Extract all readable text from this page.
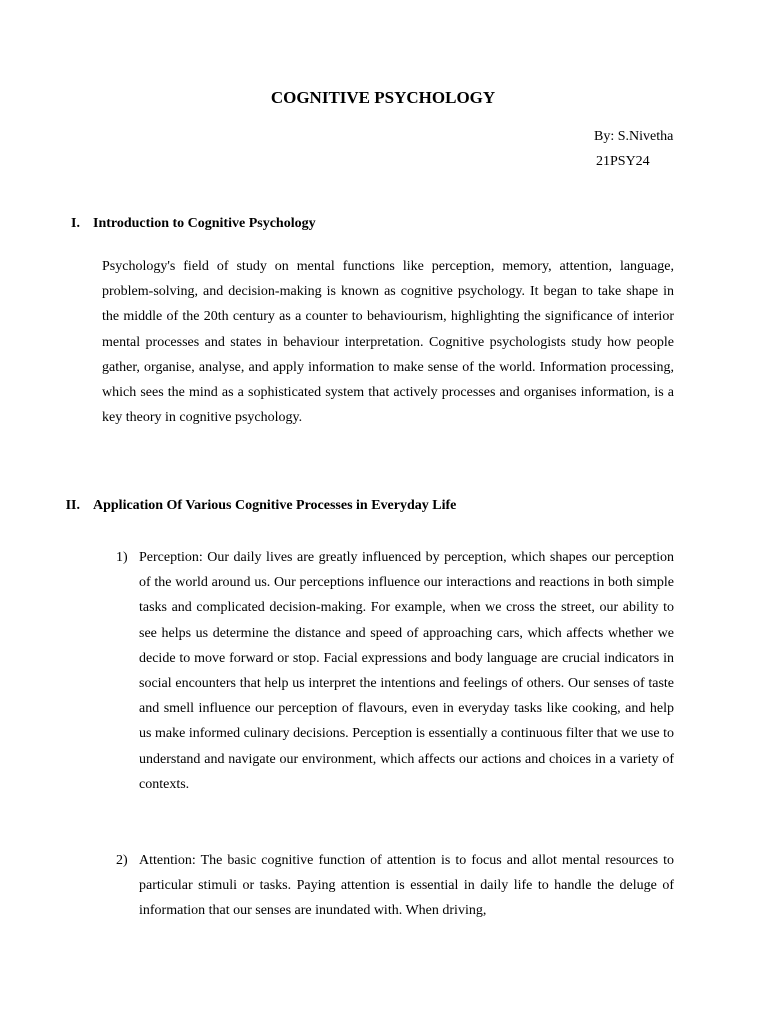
COGNITIVE PSYCHOLOGY
By: S.Nivetha
21PSY24
I. Introduction to Cognitive Psychology
Psychology's field of study on mental functions like perception, memory, attention, language, problem-solving, and decision-making is known as cognitive psychology. It began to take shape in the middle of the 20th century as a counter to behaviourism, highlighting the significance of interior mental processes and states in behaviour interpretation. Cognitive psychologists study how people gather, organise, analyse, and apply information to make sense of the world. Information processing, which sees the mind as a sophisticated system that actively processes and organises information, is a key theory in cognitive psychology.
II. Application Of Various Cognitive Processes in Everyday Life
1) Perception: Our daily lives are greatly influenced by perception, which shapes our perception of the world around us. Our perceptions influence our interactions and reactions in both simple tasks and complicated decision-making. For example, when we cross the street, our ability to see helps us determine the distance and speed of approaching cars, which affects whether we decide to move forward or stop. Facial expressions and body language are crucial indicators in social encounters that help us interpret the intentions and feelings of others. Our senses of taste and smell influence our perception of flavours, even in everyday tasks like cooking, and help us make informed culinary decisions. Perception is essentially a continuous filter that we use to understand and navigate our environment, which affects our actions and choices in a variety of contexts.
2) Attention: The basic cognitive function of attention is to focus and allot mental resources to particular stimuli or tasks. Paying attention is essential in daily life to handle the deluge of information that our senses are inundated with. When driving,
